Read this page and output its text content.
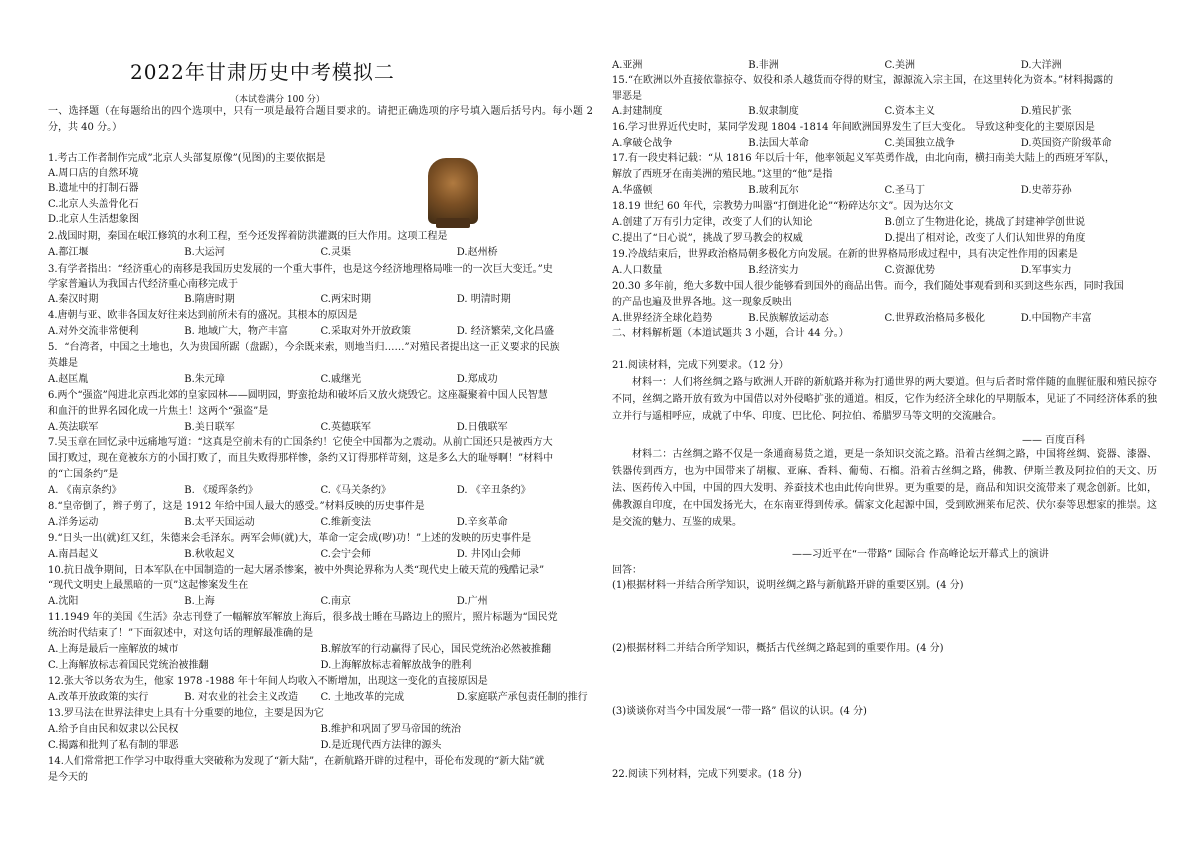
2022年甘肃历史中考模拟二
（本试卷满分 100 分）
一、选择题（在每题给出的四个选项中，只有一项是最符合题目要求的。请把正确选项的序号填入题后括号内。每小题 2 分，共 40 分。）
1.考古工作者制作完成”北京人头部复原像”(见图)的主要依据是
A.周口店的自然环境
B.遗址中的打制石器
C.北京人头盖骨化石
D.北京人生活想象图
2.战国时期，秦国在岷江修筑的水利工程，至今还发挥着防洪灌溉的巨大作用。这项工程是
A.都江堰	B.大运河	C.灵渠	D.赵州桥
3.有学者指出：“经济重心的南移是我国历史发展的一个重大事件，也是这今经济地理格局唯一的一次巨大变迁。”史
学家普遍认为我国古代经济重心南移完成于
A.秦汉时期	B.隋唐时期	C.两宋时期	D. 明清时期
4.唐朝与亚、欧非各国友好往来达到前所未有的盛况。其根本的原因是
A.对外交流非常便利	B. 地域广大，物产丰富	C.采取对外开放政策	D. 经济繁荣,文化昌盛
5．“台湾者，中国之土地也，久为贵国所踞（盘踞），今余既来索，则地当归……”对殖民者提出这一正义要求的民族
英雄是
A.赵匡胤	B.朱元璋	C.戚继光	D.郑成功
6.两个“强盗”闯进北京西北郊的皇家园林——圆明园，野蛮抢劫和破坏后又放火烧毁它。这座凝聚着中国人民智慧
和血汗的世界名园化成一片焦土！这两个“强盗”是
A.英法联军	B.美日联军	C.英德联军	D.日俄联军
7.吴玉章在回忆录中远痛地写道：“这真是空前未有的亡国条约！它使全中国都为之震动。从前亡国还只是被西方大
国打败过，现在竟被东方的小国打败了，而且失败得那样惨，条约又订得那样苛刻，这是多么大的耻辱啊！”材料中
的“亡国条约”是
A. 《南京条约》	B. 《瑷珲条约》	C.《马关条约》	D. 《辛丑条约》
8.“皇帝倒了，辫子剪了，这是 1912 年给中国人最大的感受。”材料反映的历史事件是
A.洋务运动	B.太平天国运动	C.维新变法	D.辛亥革命
9.“日头一出(就)红又红，朱德来会毛泽东。两军会师(就)大，革命一定会成(哕)功！”上述的发映的历史事件是
A.南昌起义	B.秋收起义	C.会宁会师	D. 井冈山会师
10.抗日战争期间，日本军队在中国制造的一起大屠杀惨案，被中外舆论界称为人类“现代史上破天荒的残酷记录”
“现代文明史上最黑暗的一页”这起惨案发生在
A.沈阳	B.上海	C.南京	D.广州
11.1949 年的美国《生活》杂志刊登了一幅解放军解放上海后，很多战士睡在马路边上的照片，照片标题为“国民党
统治时代结束了！”下面叙述中，对这句话的理解最准确的是
A.上海是最后一座解放的城市	B.解放军的行动赢得了民心，国民党统治必然被推翻
C.上海解放标志着国民党统治被推翻	D.上海解放标志着解放战争的胜利
12.张大爷以务农为生，他家 1978 -1988 年十年间人均收入不断增加，出现这一变化的直接原因是
A.改革开放政策的实行	B. 对农业的社会主义改造	C. 土地改革的完成	D.家庭联产承包责任制的推行
13.罗马法在世界法律史上具有十分重要的地位，主要是因为它
A.给予自由民和奴隶以公民权	B.维护和巩固了罗马帝国的统治
C.揭露和批判了私有制的罪恶	D.是近现代西方法律的源头
14.人们常常把工作学习中取得重大突破称为发现了“新大陆”，在新航路开辟的过程中，哥伦布发现的“新大陆”就
是今天的
A.亚洲	B.非洲	C.美洲	D.大洋洲
15.“在欧洲以外直接依靠掠夺、奴役和杀人越货而夺得的财宝，源源流入宗主国，在这里转化为资本。”材料揭露的
罪恶是
A.封建制度	B.奴隶制度	C.资本主义	D.殖民扩张
16.学习世界近代史时，某同学发现 1804 -1814 年间欧洲国界发生了巨大变化。 导致这种变化的主要原因是
A.拿破仑战争	B.法国大革命	C.美国独立战争	D.英国资产阶级革命
17.有一段史料记载：“从 1816 年以后十年，他率领起义军英勇作战，由北向南，横扫南美大陆上的西班牙军队，
解放了西班牙在南美洲的殖民地。”这里的“他”是指
A.华盛顿	B.玻利瓦尔	C.圣马丁	D.史蒂芬孙
18.19 世纪 60 年代，宗教势力叫嚣“打倒进化论”“粉碎达尔文”。因为达尔文
A.创建了万有引力定律，改变了人们的认知论	B.创立了生物进化论，挑战了封建神学创世说
C.提出了“日心说”，挑战了罗马教会的权威	D.提出了相对论，改变了人们认知世界的角度
19.冷战结束后，世界政治格局朝多极化方向发展。在新的世界格局形成过程中，具有决定性作用的因素是
A.人口数量	B.经济实力	C.资源优势	D.军事实力
20.30 多年前，绝大多数中国人很少能够看到国外的商品出售。而今，我们随处事观看到和买到这些东西，同时我国
的产品也遍及世界各地。这一现象反映出
A.世界经济全球化趋势	B.民族解放运动态	C.世界政治格局多极化	D.中国物产丰富
二、材料解析题（本道试题共 3 小题，合计 44 分。）
21.阅读材料，完成下列要求。（12 分）
材料一：人们将丝绸之路与欧洲人开辟的新航路并称为打通世界的两大要道。但与后者时常伴随的血腥征服和殖民掠夺不同，丝绸之路开放有致为中国借以对外侵略扩张的通道。相反，它作为经济全球化的早期版本，见证了不同经济体系的独立并行与遥相呼应，成就了中华、印度、巴比伦、阿拉伯、希腊罗马等文明的交流融合。
—— 百度百科
材料二：古丝绸之路不仅是一条通商易货之道，更是一条知识交流之路。沿着古丝绸之路，中国将丝绸、瓷器、漆器、铁器传到西方，也为中国带来了胡椒、亚麻、香料、葡萄、石榴。沿着古丝绸之路，佛教、伊斯兰教及阿拉伯的天文、历法、医药传入中国，中国的四大发明、养蚕技术也由此传向世界。更为重要的是，商品和知识交流带来了观念创新。比如，佛教源自印度，在中国发扬光大，在东南亚得到传承。儒家文化起源中国，受到欧洲莱布尼茨、伏尔泰等思想家的推崇。这是交流的魅力、互鉴的成果。
——习近平在“一带路” 国际合 作高峰论坛开幕式上的演讲
回答：
(1)根据材料一并结合所学知识，说明丝绸之路与新航路开辟的重要区别。(4 分)
(2)根据材料二并结合所学知识，概括古代丝绸之路起到的重要作用。(4 分)
(3)谈谈你对当今中国发展“一带一路” 倡议的认识。(4 分)
22.阅读下列材料，完成下列要求。(18 分)
